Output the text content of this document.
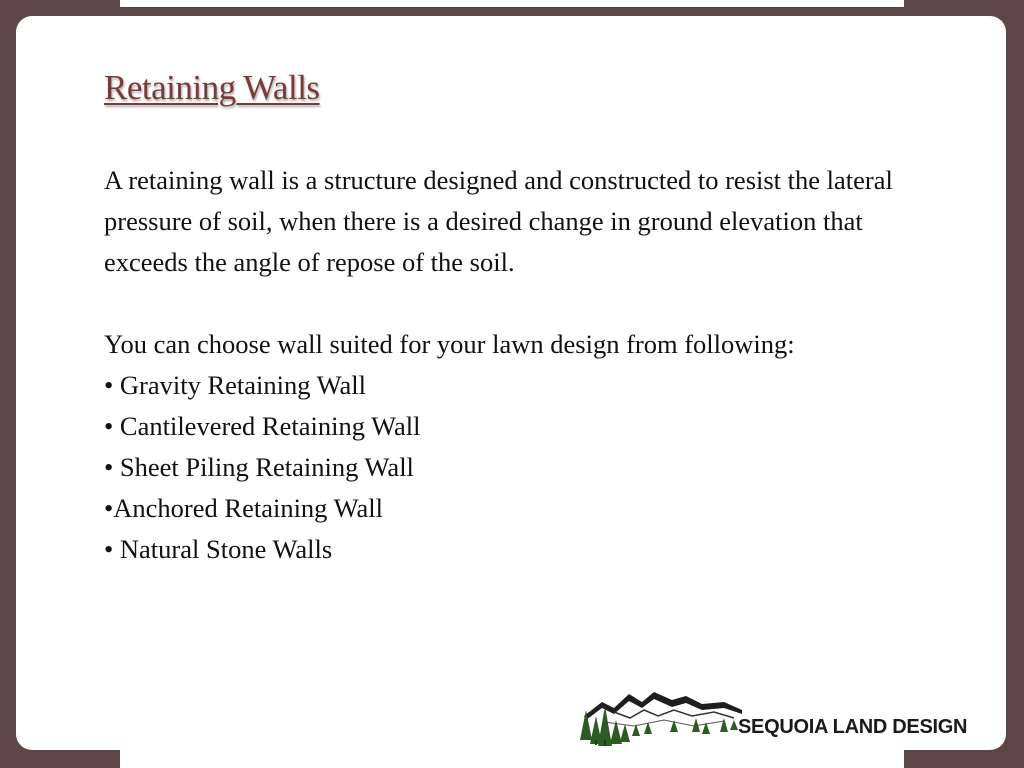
Retaining Walls

A retaining wall is a structure designed and constructed to resist the lateral pressure of soil, when there is a desired change in ground elevation that exceeds the angle of repose of the soil.

You can choose wall suited for your lawn design from following:

• Gravity Retaining Wall
• Cantilevered Retaining Wall
• Sheet Piling Retaining Wall
•Anchored Retaining Wall
• Natural Stone Walls
SEQUOIA LAND DESIGN
